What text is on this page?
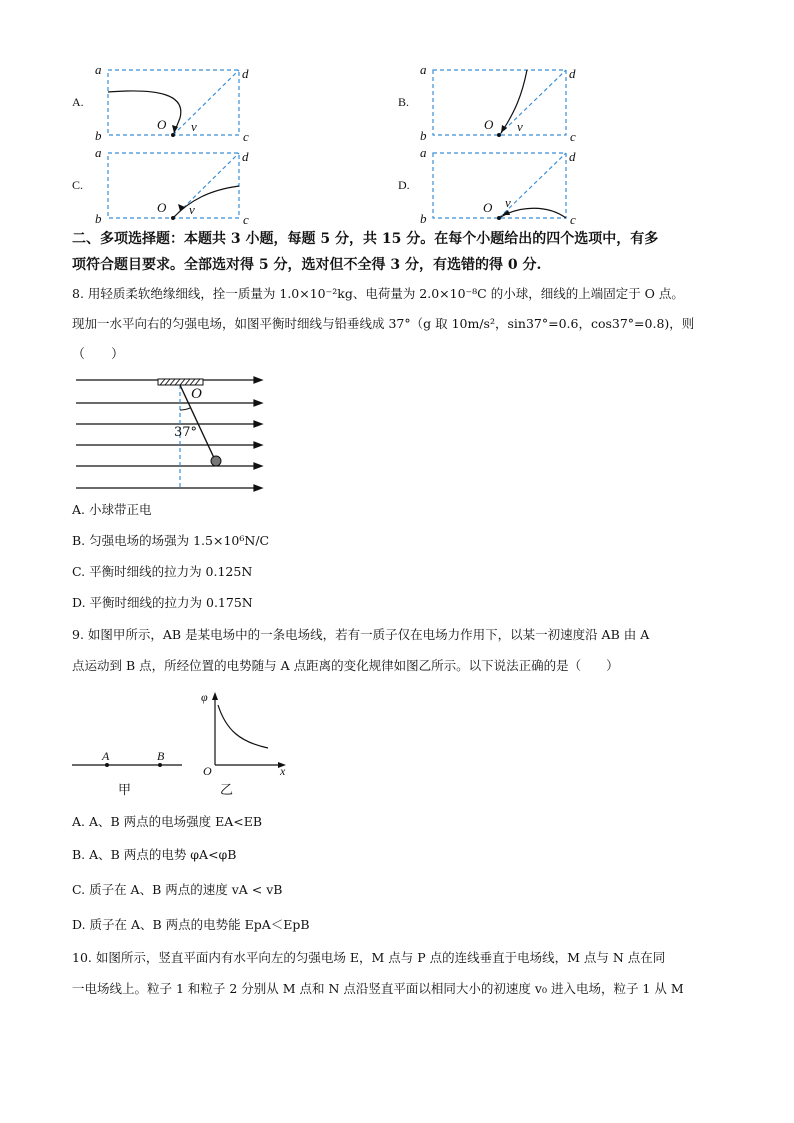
A.
a
b	c
d
O v
B.
a
b	c
d
O v
C.
a
b	c
d
O v
D.
a
b	c
d
O v
二、多项选择题：本题共 3 小题，每题 5 分，共 15 分。在每个小题给出的四个选项中，有多
项符合题目要求。全部选对得 5 分，选对但不全得 3 分，有选错的得 0 分.
8. 用轻质柔软绝缘细线，拴一质量为 1.0×10⁻²kg、电荷量为 2.0×10⁻⁸C 的小球，细线的上端固定于 O 点。
现加一水平向右的匀强电场，如图平衡时细线与铅垂线成 37°（g 取 10m/s²，sin37°=0.6，cos37°=0.8)，则
（　　）
O
37°
A. 小球带正电
B. 匀强电场的场强为 1.5×10⁶N/C
C. 平衡时细线的拉力为 0.125N
D. 平衡时细线的拉力为 0.175N
9. 如图甲所示，AB 是某电场中的一条电场线，若有一质子仅在电场力作用下，以某一初速度沿 AB 由 A
点运动到 B 点，所经位置的电势随与 A 点距离的变化规律如图乙所示。以下说法正确的是（　　）
A	B
甲
φ
O	x
乙
A. A、B 两点的电场强度 EA<EB
B. A、B 两点的电势 φA<φB
C. 质子在 A、B 两点的速度 vA < vB
D. 质子在 A、B 两点的电势能 EpA＜EpB
10. 如图所示，竖直平面内有水平向左的匀强电场 E，M 点与 P 点的连线垂直于电场线，M 点与 N 点在同
一电场线上。粒子 1 和粒子 2 分别从 M 点和 N 点沿竖直平面以相同大小的初速度 v₀ 进入电场，粒子 1 从 M
